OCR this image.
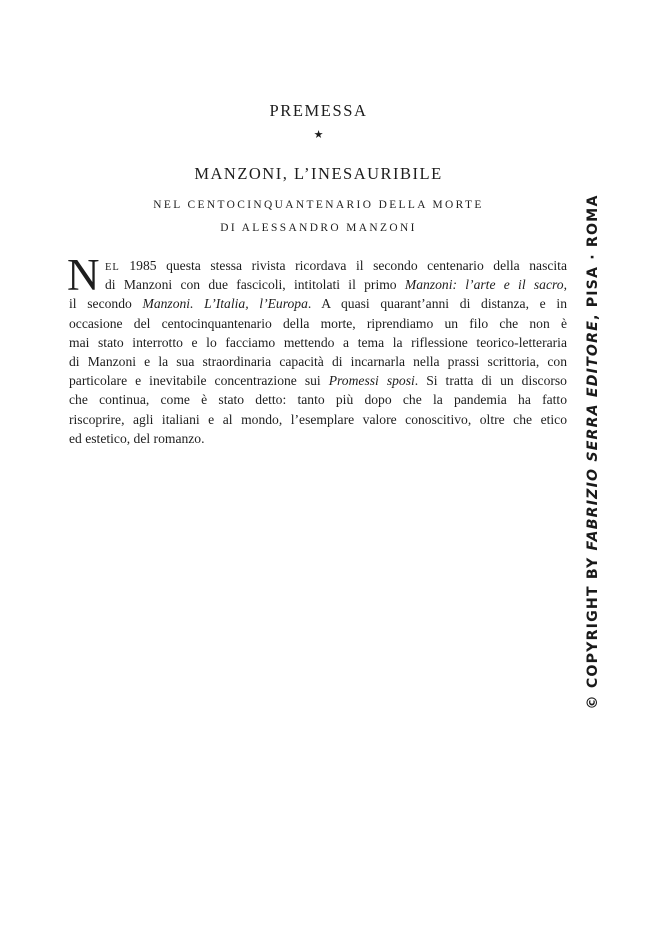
PREMESSA
★
MANZONI, L’INESAURIBILE
NEL CENTOCINQUANTENARIO DELLA MORTE
DI ALESSANDRO MANZONI
N EL 1985 questa stessa rivista ricordava il secondo centenario della nascita
di Manzoni con due fascicoli, intitolati il primo Manzoni: l’arte e il sacro,
il secondo Manzoni. L’Italia, l’Europa. A quasi quarant’anni di distanza, e in
occasione del centocinquantenario della morte, riprendiamo un filo che non è
mai stato interrotto e lo facciamo mettendo a tema la riflessione teorico-letteraria
di Manzoni e la sua straordinaria capacità di incarnarla nella prassi scrittoria, con
particolare e inevitabile concentrazione sui Promessi sposi. Si tratta di un discorso
che continua, come è stato detto: tanto più dopo che la pandemia ha fatto
riscoprire, agli italiani e al mondo, l’esemplare valore conoscitivo, oltre che etico
ed estetico, del romanzo.
© COPYRIGHT BY FABRIZIO SERRA EDITORE, PISA · ROMA
